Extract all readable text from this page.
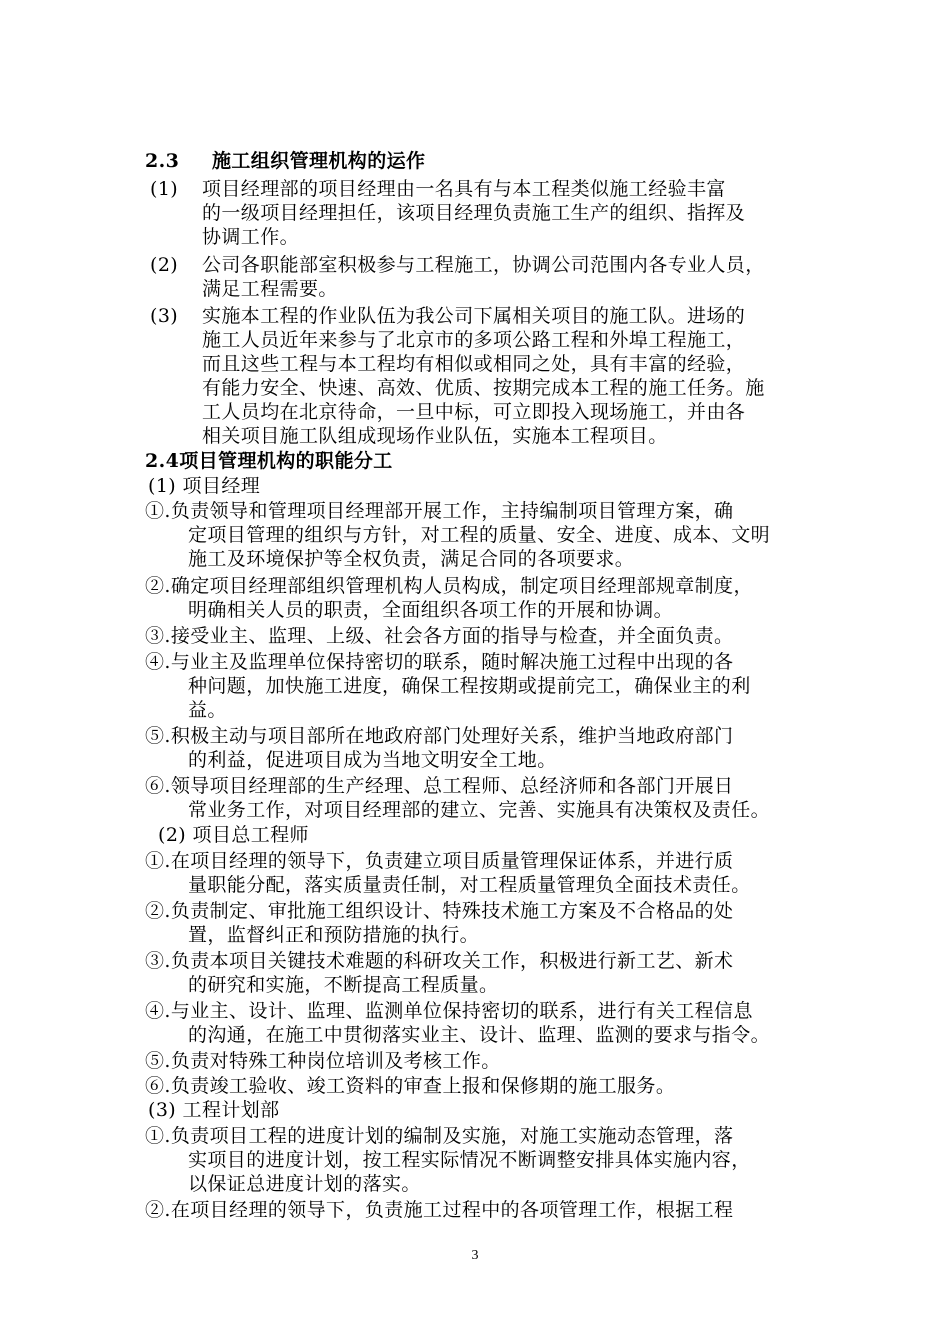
2.3 施工组织管理机构的运作
(1) 项目经理部的项目经理由一名具有与本工程类似施工经验丰富
的一级项目经理担任，该项目经理负责施工生产的组织、指挥及
协调工作。
(2) 公司各职能部室积极参与工程施工，协调公司范围内各专业人员，
满足工程需要。
(3) 实施本工程的作业队伍为我公司下属相关项目的施工队。进场的
施工人员近年来参与了北京市的多项公路工程和外埠工程施工，
而且这些工程与本工程均有相似或相同之处，具有丰富的经验，
有能力安全、快速、高效、优质、按期完成本工程的施工任务。施
工人员均在北京待命，一旦中标，可立即投入现场施工，并由各
相关项目施工队组成现场作业队伍，实施本工程项目。
2.4项目管理机构的职能分工
(1) 项目经理
①.负责领导和管理项目经理部开展工作，主持编制项目管理方案，确
定项目管理的组织与方针，对工程的质量、安全、进度、成本、文明
施工及环境保护等全权负责，满足合同的各项要求。
②.确定项目经理部组织管理机构人员构成，制定项目经理部规章制度，
明确相关人员的职责，全面组织各项工作的开展和协调。
③.接受业主、监理、上级、社会各方面的指导与检查，并全面负责。
④.与业主及监理单位保持密切的联系，随时解决施工过程中出现的各
种问题，加快施工进度，确保工程按期或提前完工，确保业主的利
益。
⑤.积极主动与项目部所在地政府部门处理好关系，维护当地政府部门
的利益，促进项目成为当地文明安全工地。
⑥.领导项目经理部的生产经理、总工程师、总经济师和各部门开展日
常业务工作，对项目经理部的建立、完善、实施具有决策权及责任。
(2) 项目总工程师
①.在项目经理的领导下，负责建立项目质量管理保证体系，并进行质
量职能分配，落实质量责任制，对工程质量管理负全面技术责任。
②.负责制定、审批施工组织设计、特殊技术施工方案及不合格品的处
置，监督纠正和预防措施的执行。
③.负责本项目关键技术难题的科研攻关工作，积极进行新工艺、新术
的研究和实施，不断提高工程质量。
④.与业主、设计、监理、监测单位保持密切的联系，进行有关工程信息
的沟通，在施工中贯彻落实业主、设计、监理、监测的要求与指令。
⑤.负责对特殊工种岗位培训及考核工作。
⑥.负责竣工验收、竣工资料的审查上报和保修期的施工服务。
(3) 工程计划部
①.负责项目工程的进度计划的编制及实施，对施工实施动态管理，落
实项目的进度计划，按工程实际情况不断调整安排具体实施内容，
以保证总进度计划的落实。
②.在项目经理的领导下，负责施工过程中的各项管理工作，根据工程
3
